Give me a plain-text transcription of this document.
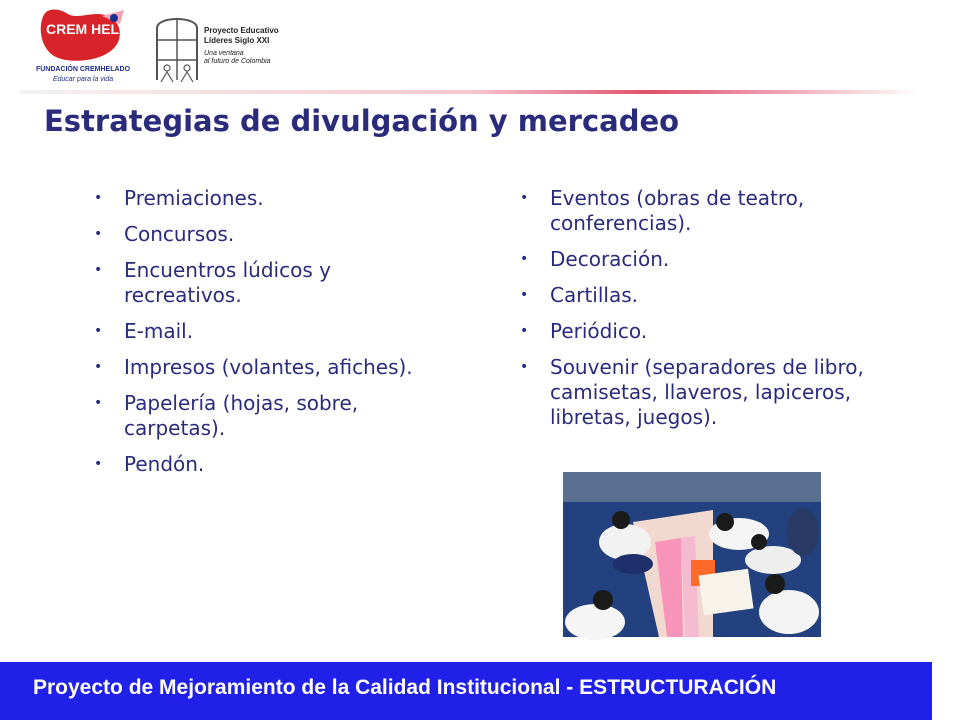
CREM HELADO
FUNDACIÓN CREMHELADO
Educar para la vida
Proyecto Educativo
Líderes Siglo XXI
Una ventana
al futuro de Colombia
Estrategias de divulgación y mercadeo
• Premiaciones.
• Concursos.
• Encuentros lúdicos y recreativos.
• E-mail.
• Impresos (volantes, afiches).
• Papelería (hojas, sobre, carpetas).
• Pendón.
• Eventos (obras de teatro, conferencias).
• Decoración.
• Cartillas.
• Periódico.
• Souvenir (separadores de libro, camisetas, llaveros, lapiceros, libretas, juegos).
Proyecto de Mejoramiento de la Calidad Institucional - ESTRUCTURACIÓN
